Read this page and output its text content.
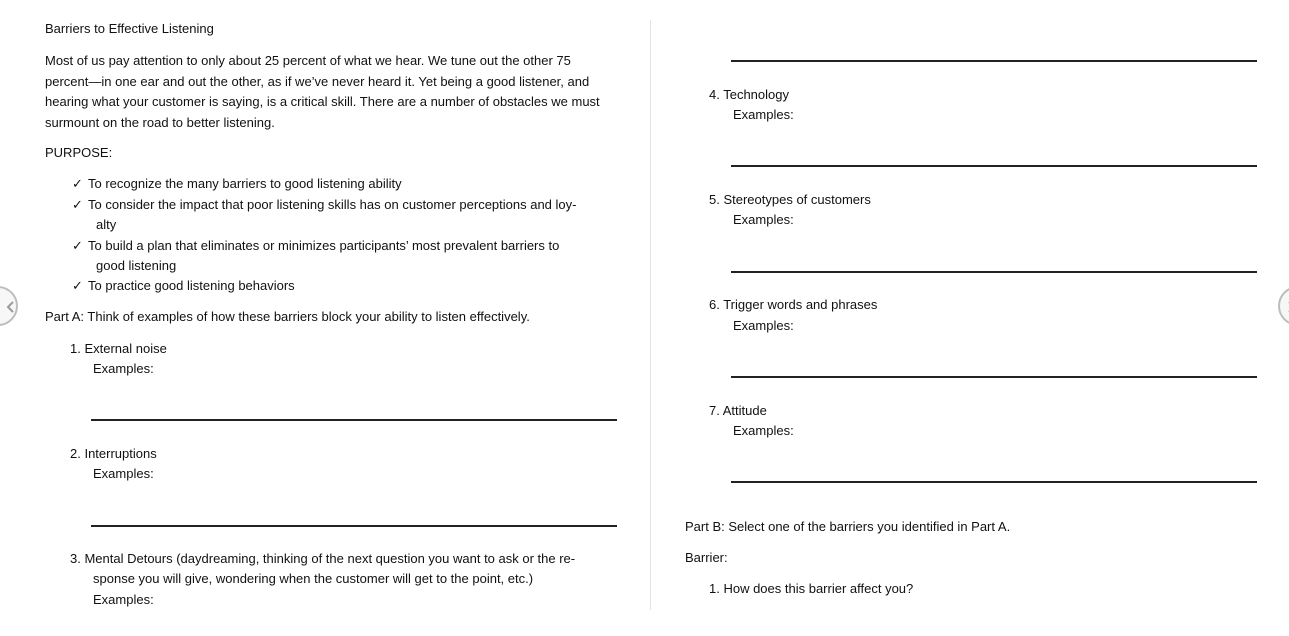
Barriers to Effective Listening
Most of us pay attention to only about 25 percent of what we hear. We tune out the other 75 percent—in one ear and out the other, as if we’ve never heard it. Yet being a good listener, and hearing what your customer is saying, is a critical skill. There are a number of obstacles we must surmount on the road to better listening.
PURPOSE:
✓ To recognize the many barriers to good listening ability
✓ To consider the impact that poor listening skills has on customer perceptions and loy-
alty
✓ To build a plan that eliminates or minimizes participants’ most prevalent barriers to
good listening
✓ To practice good listening behaviors
Part A: Think of examples of how these barriers block your ability to listen effectively.
1. External noise
Examples:
2. Interruptions
Examples:
3. Mental Detours (daydreaming, thinking of the next question you want to ask or the re-
sponse you will give, wondering when the customer will get to the point, etc.)
Examples:
4. Technology
Examples:
5. Stereotypes of customers
Examples:
6. Trigger words and phrases
Examples:
7. Attitude
Examples:
Part B: Select one of the barriers you identified in Part A.
Barrier:
1. How does this barrier affect you?
